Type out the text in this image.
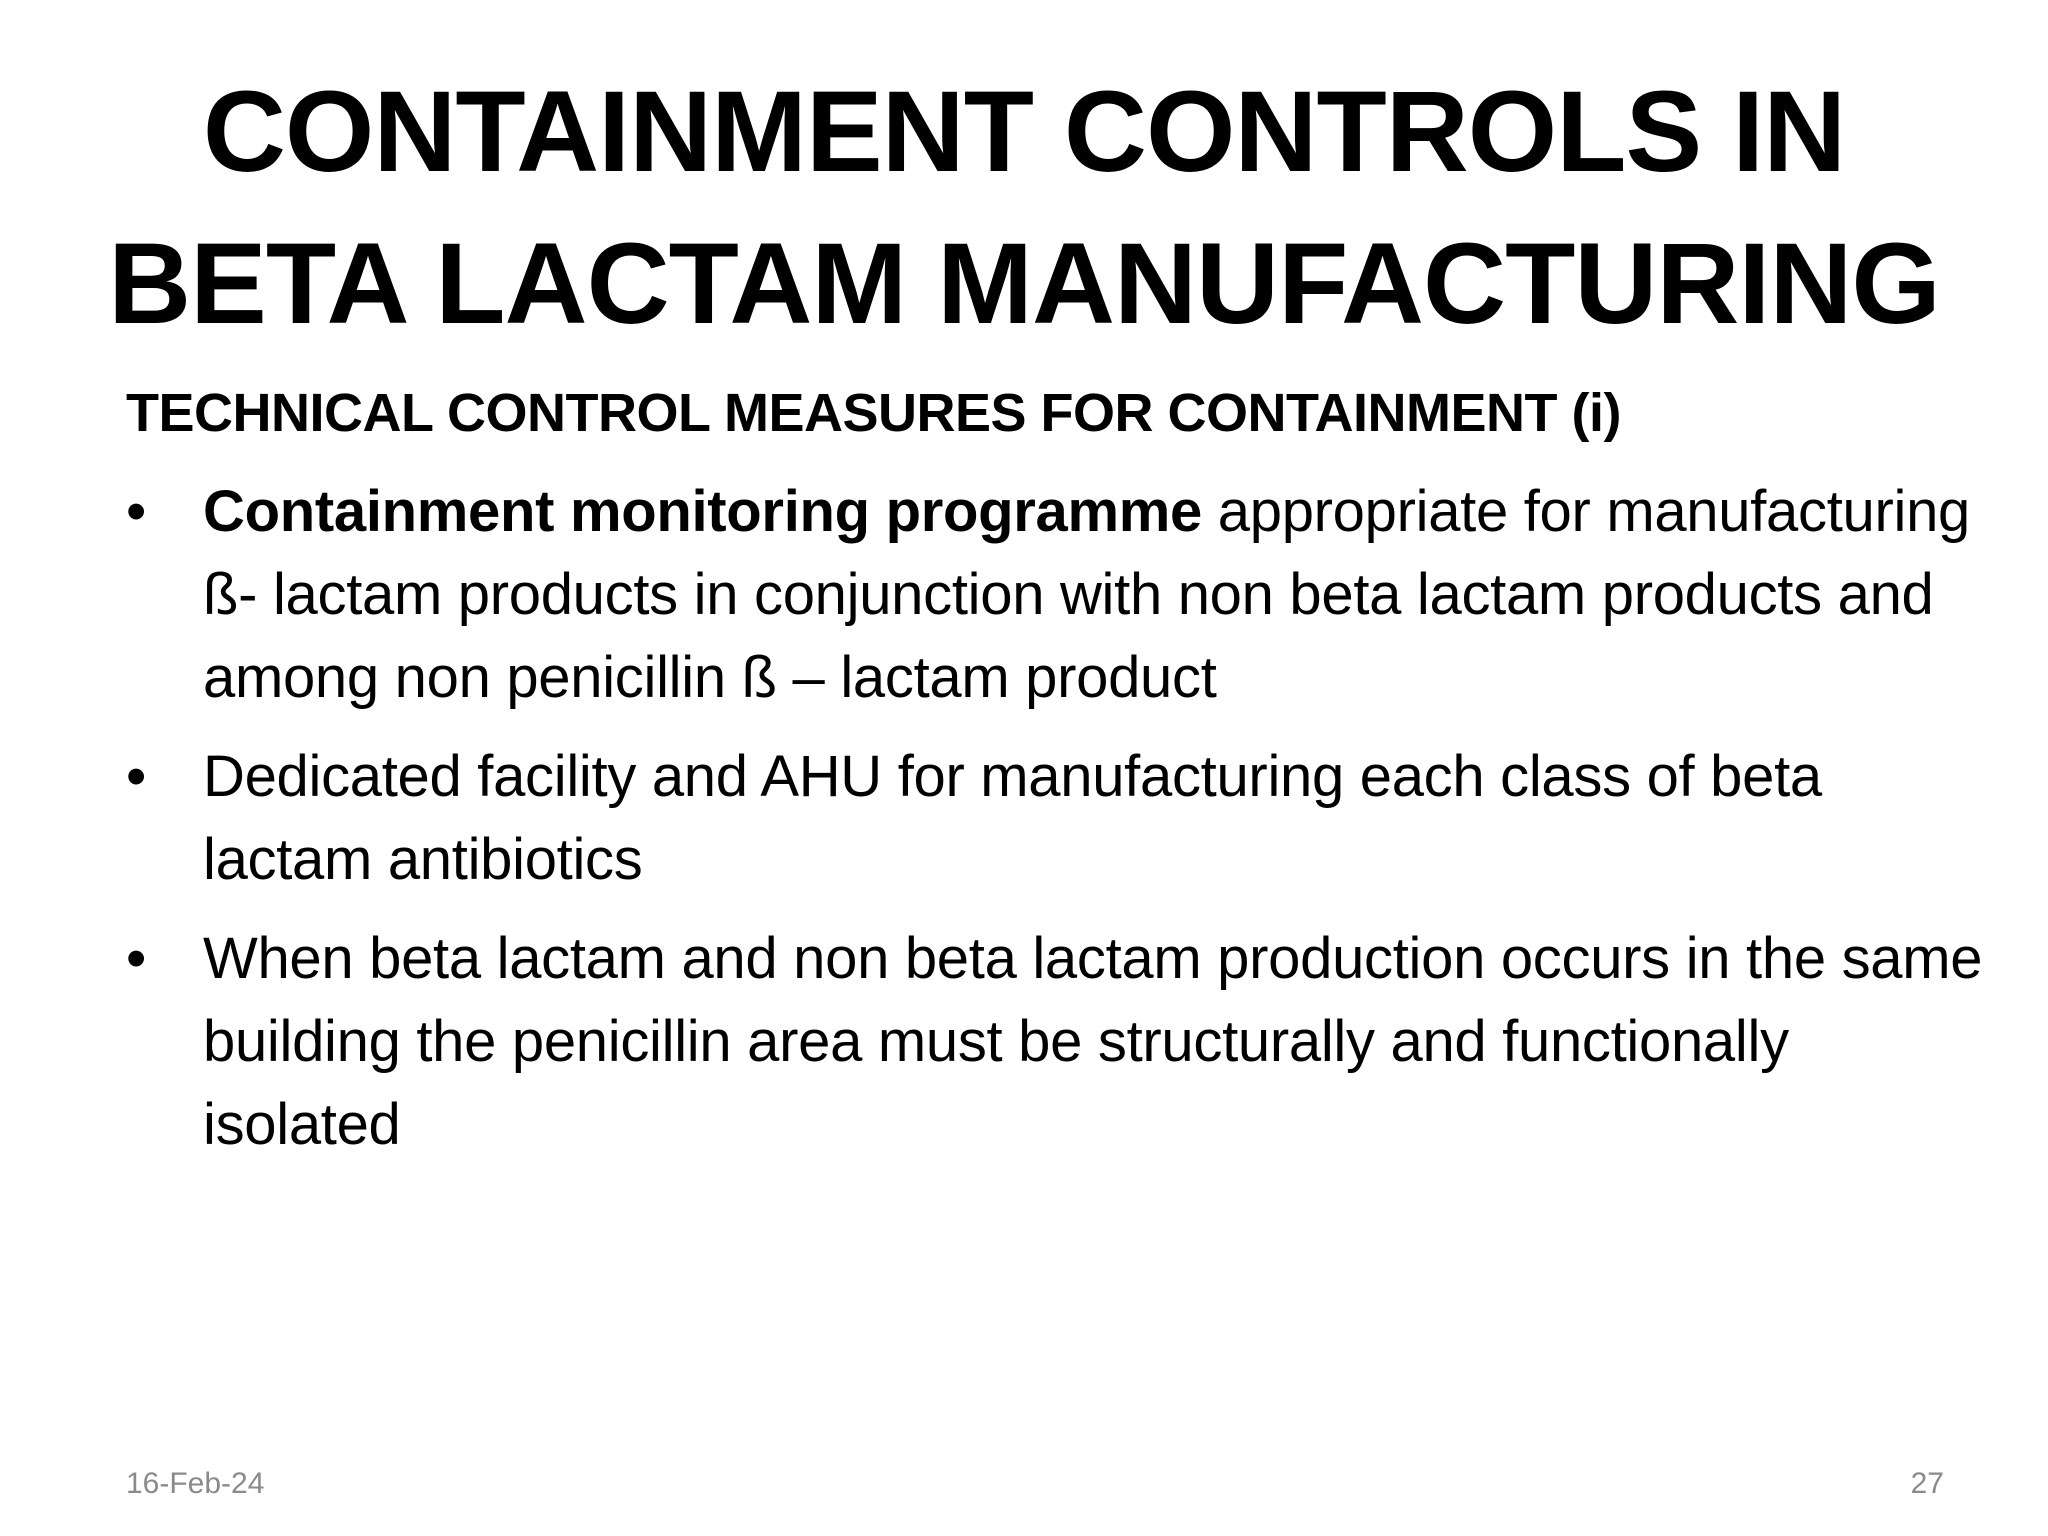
CONTAINMENT CONTROLS IN
BETA LACTAM MANUFACTURING
TECHNICAL CONTROL MEASURES FOR CONTAINMENT (i)
• Containment monitoring programme appropriate for manufacturing ß- lactam products in conjunction with non beta lactam products and among non penicillin ß – lactam product
• Dedicated facility and AHU for manufacturing each class of beta lactam antibiotics
• When beta lactam and non beta lactam production occurs in the same building the penicillin area must be structurally and functionally isolated
16-Feb-24	27
